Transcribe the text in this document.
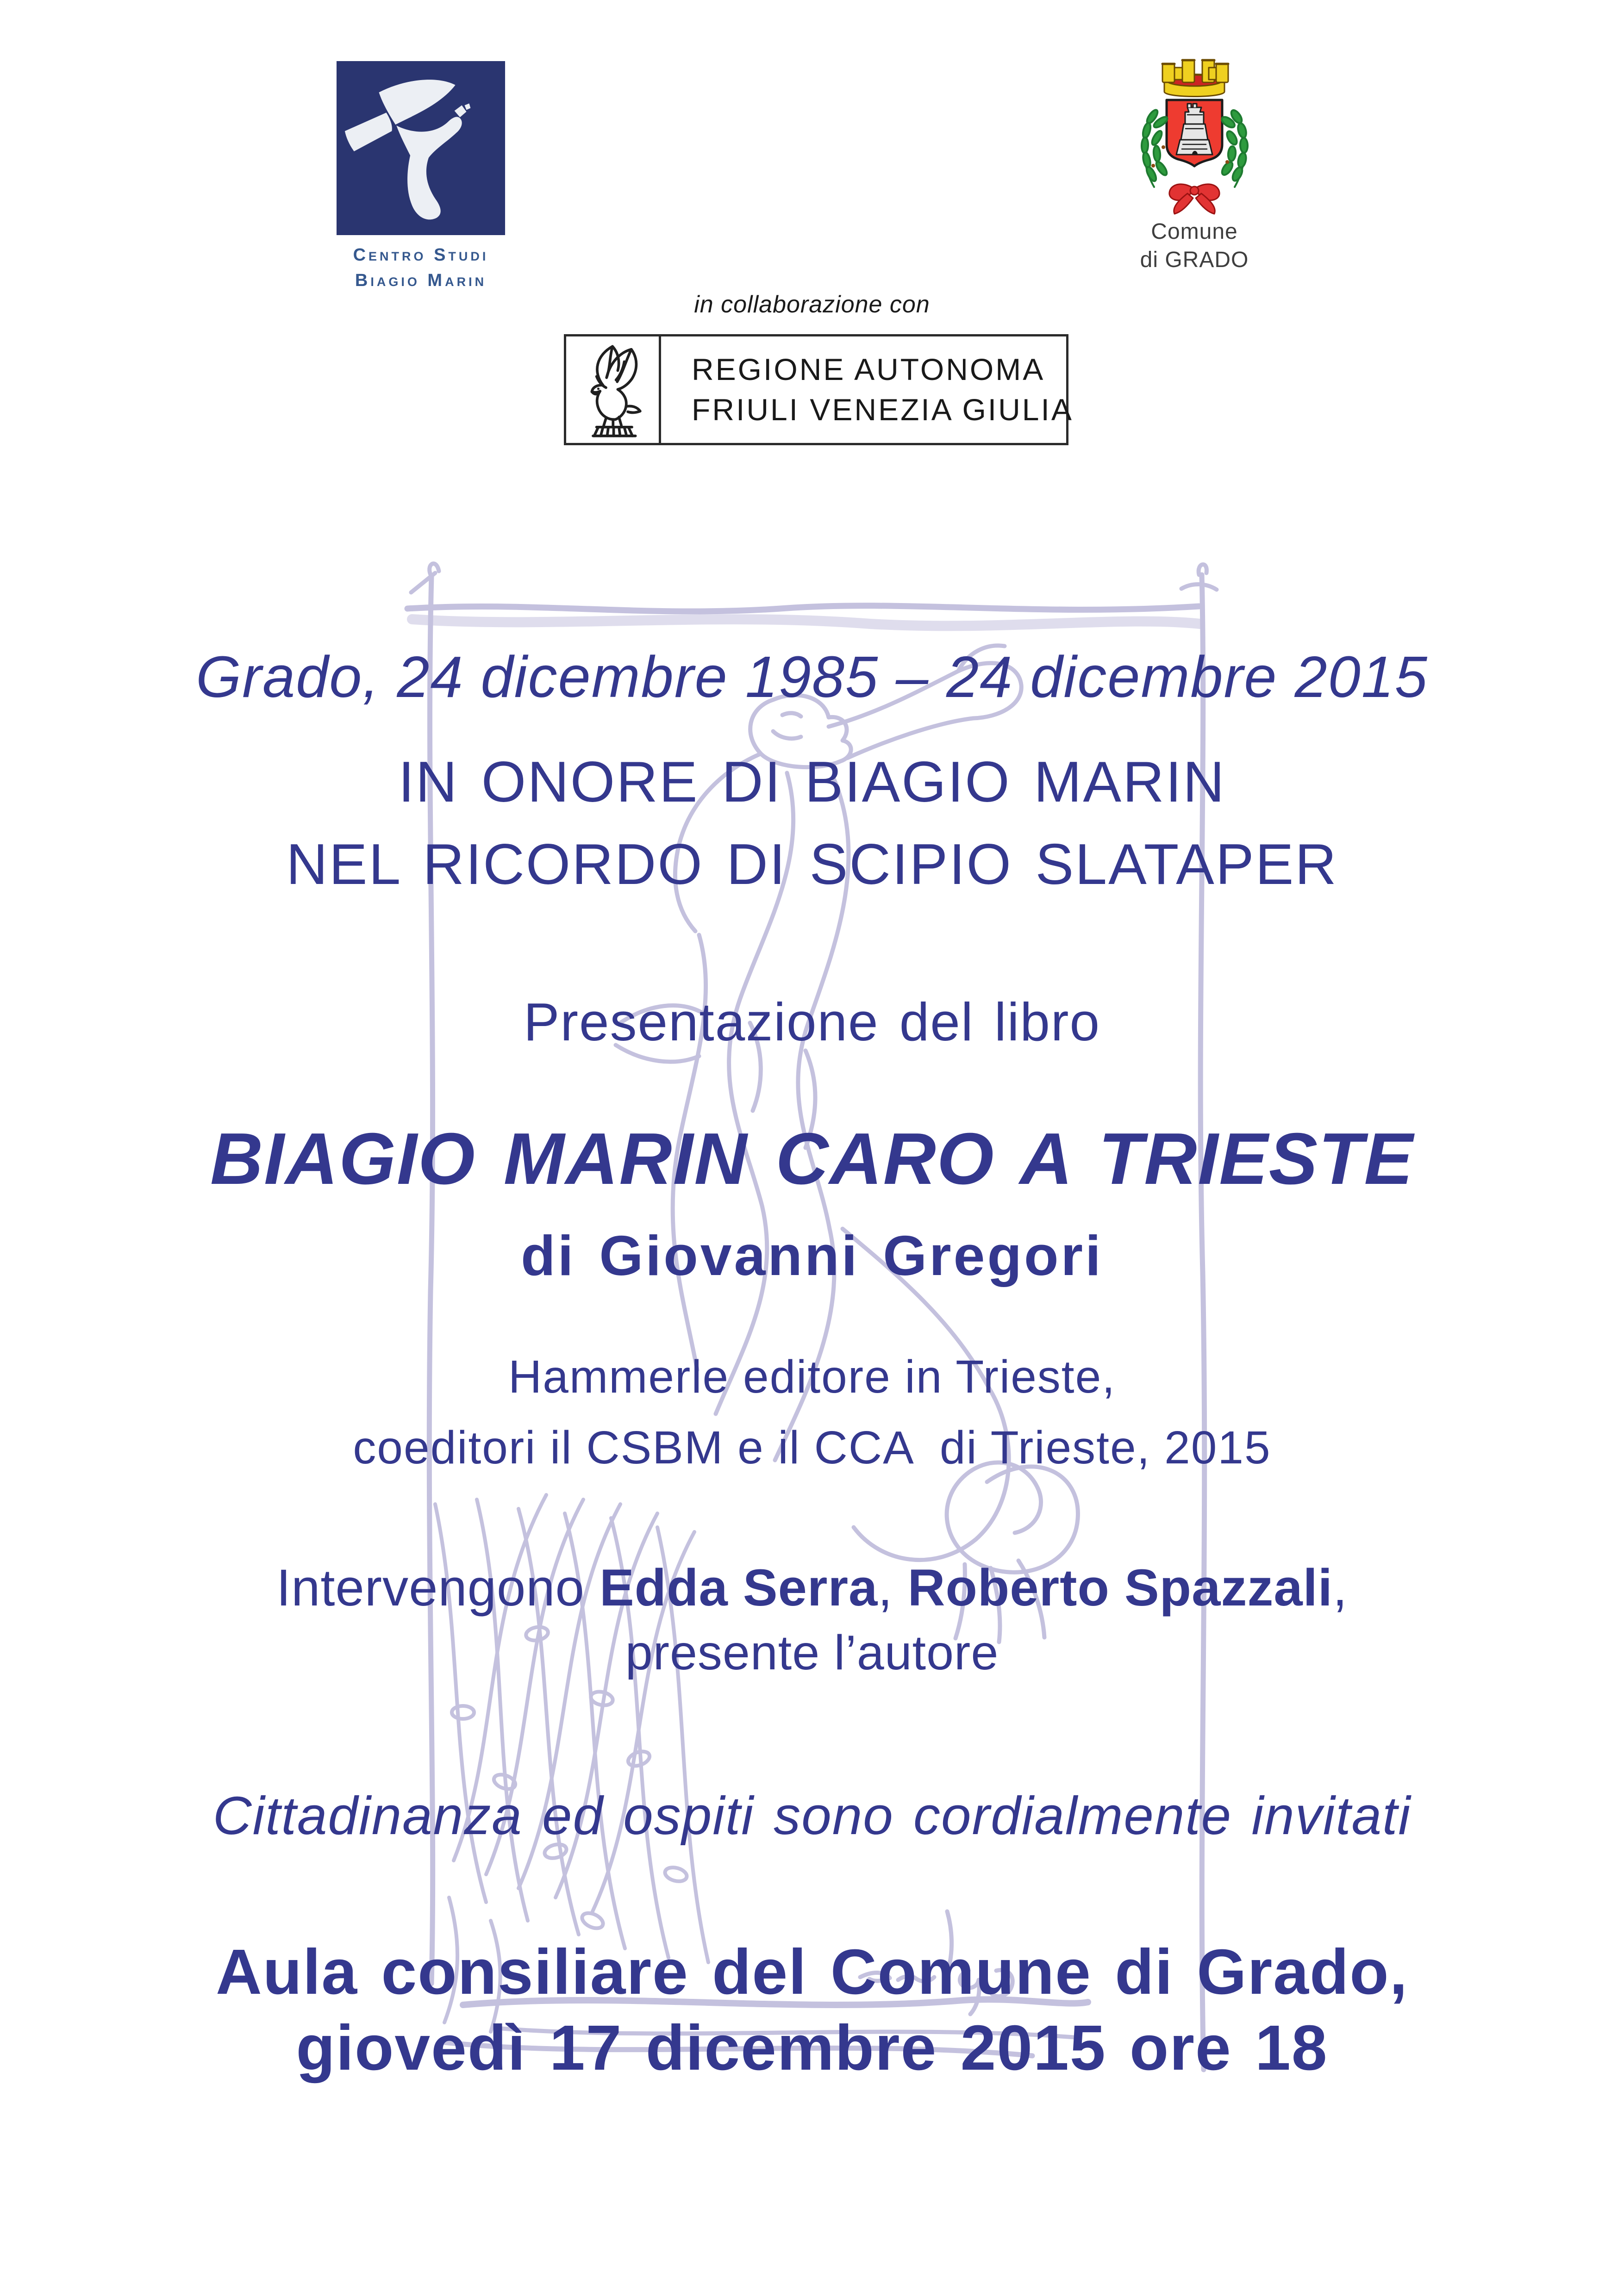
Centro Studi
Biagio Marin
Comune
di GRADO
in collaborazione con
REGIONE AUTONOMA
FRIULI VENEZIA GIULIA
Grado, 24 dicembre 1985 – 24 dicembre 2015
IN ONORE DI BIAGIO MARIN
NEL RICORDO DI SCIPIO SLATAPER
Presentazione del libro
BIAGIO MARIN CARO A TRIESTE
di Giovanni Gregori
Hammerle editore in Trieste,
coeditori il CSBM e il CCA  di Trieste, 2015
Intervengono Edda Serra, Roberto Spazzali,
presente l’autore
Cittadinanza ed ospiti sono cordialmente invitati
Aula consiliare del Comune di Grado,
giovedì 17 dicembre 2015 ore 18
